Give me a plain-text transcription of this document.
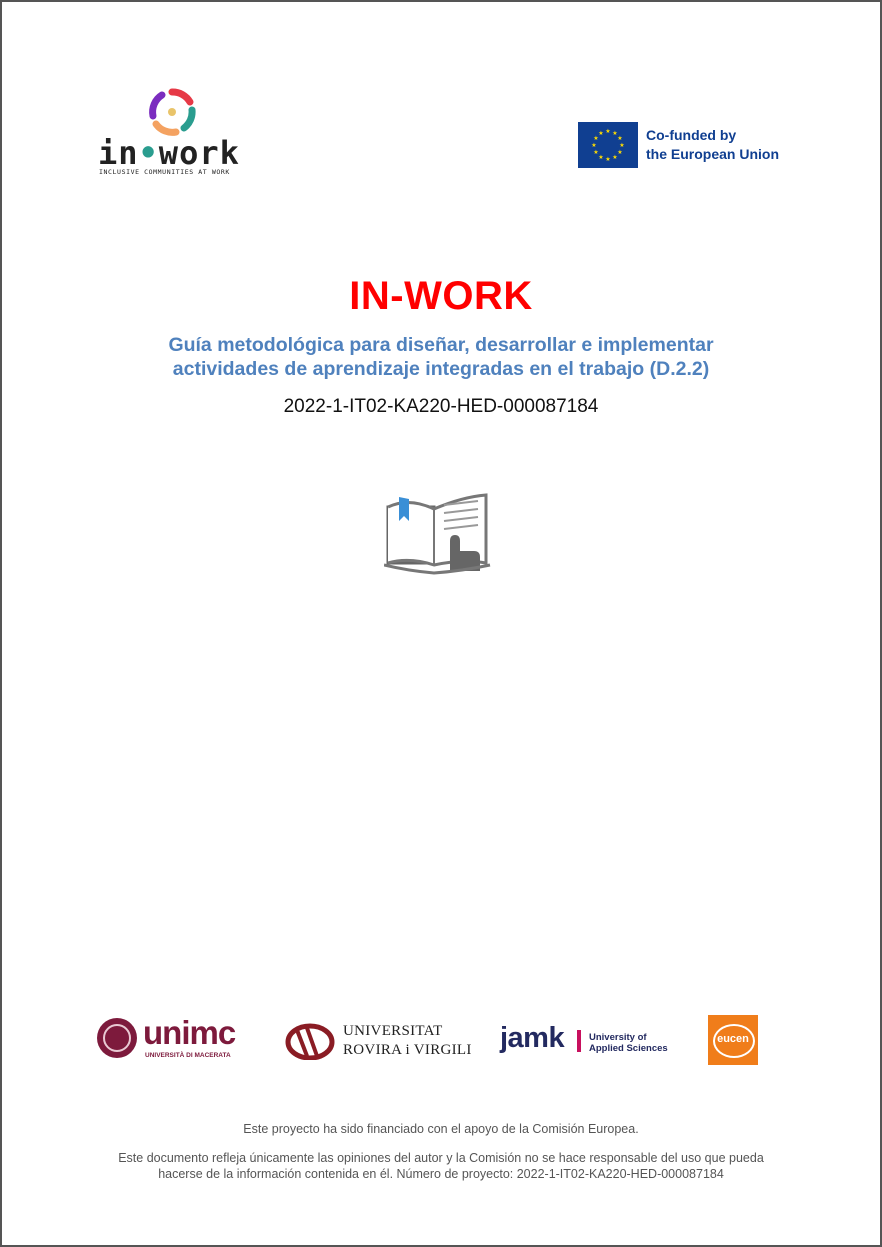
in•work
INCLUSIVE COMMUNITIES AT WORK
★ ★
★
★
★
★
★
★
★
★
★
★	Co-funded by
the European Union
IN-WORK
Guía metodológica para diseñar, desarrollar e implementar
actividades de aprendizaje integradas en el trabajo (D.2.2)
2022-1-IT02-KA220-HED-000087184
unimc
UNIVERSITÀ DI MACERATA
UNIVERSITAT
ROVIRA i VIRGILI jamk	University of
Applied Sciences
eucen
Este proyecto ha sido financiado con el apoyo de la Comisión Europea.
Este documento refleja únicamente las opiniones del autor y la Comisión no se hace responsable del uso que pueda
hacerse de la información contenida en él. Número de proyecto: 2022-1-IT02-KA220-HED-000087184
